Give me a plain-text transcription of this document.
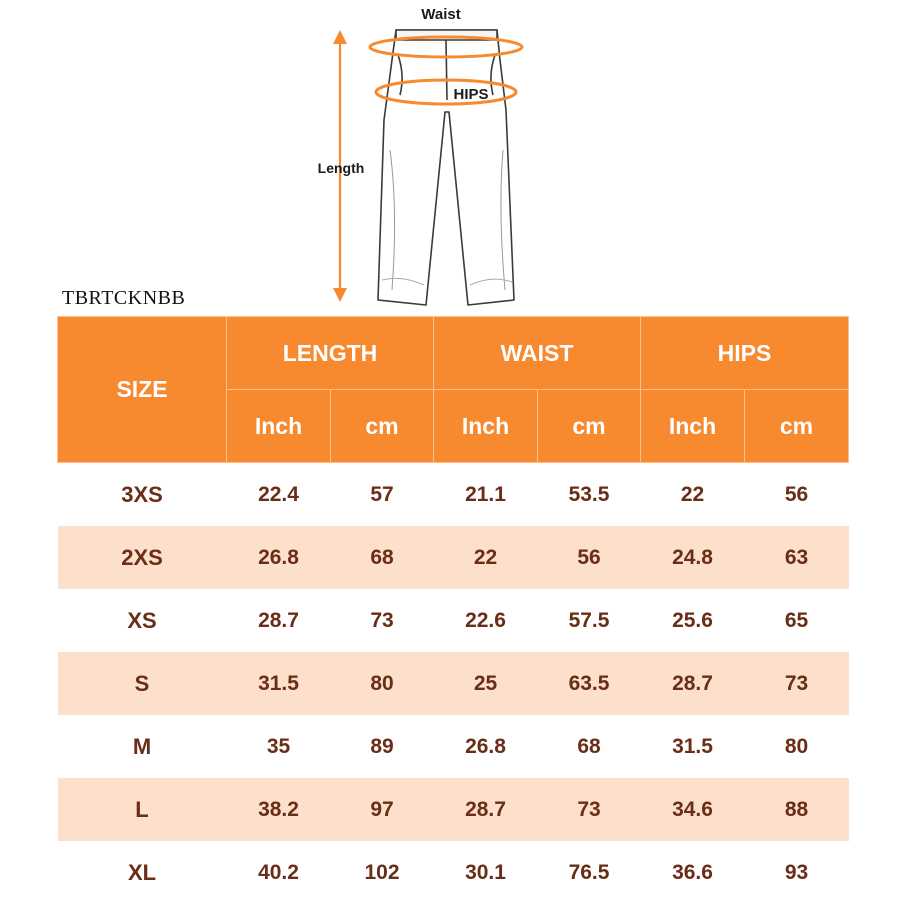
Waist
HIPS
Length
TBRTCKNBB
SIZE	LENGTH		WAIST		HIPS	
	Inch	cm	Inch	cm	Inch	cm
3XS	22.4	57	21.1	53.5	22	56
2XS	26.8	68	22	56	24.8	63
XS	28.7	73	22.6	57.5	25.6	65
S	31.5	80	25	63.5	28.7	73
M	35	89	26.8	68	31.5	80
L	38.2	97	28.7	73	34.6	88
XL	40.2	102	30.1	76.5	36.6	93
